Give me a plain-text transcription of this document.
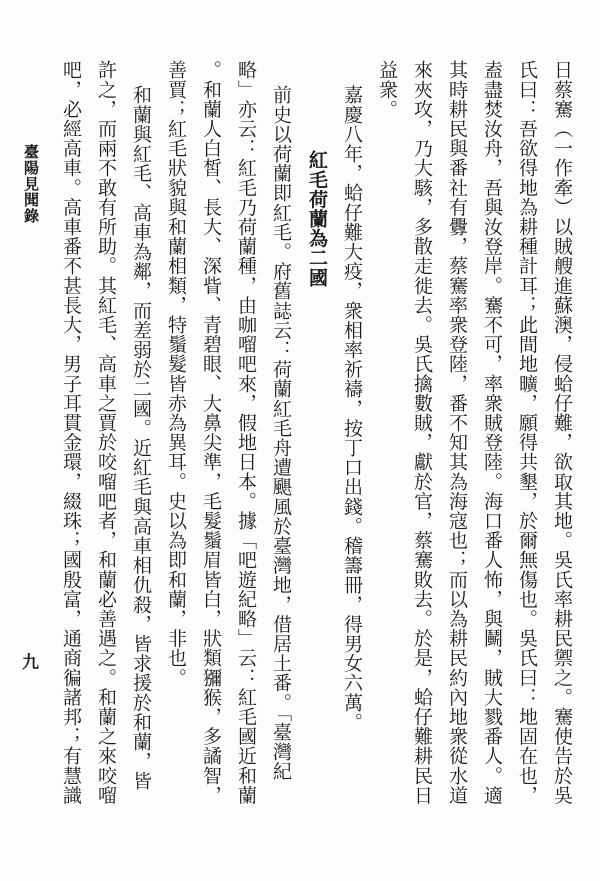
臺陽見聞錄
九	日蔡騫（一作牽）以賊艘進蘇澳，侵蛤仔難，欲取其地。吳氏率耕民禦之。騫使告於吳
氏曰：吾欲得地為耕種計耳；此間地曠，願得共墾，於爾無傷也。吳氏曰：地固在也，
盍盡焚汝舟，吾與汝登岸。騫不可，率衆賊登陸。海口番人怖，與鬭，賊大戮番人。適
其時耕民與番社有釁，蔡騫率衆登陸，番不知其為海寇也；而以為耕民約內地衆從水道
來夾攻，乃大駭，多散走徙去。吳氏擒數賊，獻於官，蔡騫敗去。於是，蛤仔難耕民日
益衆。
嘉慶八年，蛤仔難大疫，衆相率祈禱，按丁口出錢。稽籌冊，得男女六萬。
紅毛荷蘭為二國
前史以荷蘭即紅毛。府舊誌云：荷蘭紅毛舟遭颶風於臺灣地，借居土番。「臺灣紀
略」亦云：紅毛乃荷蘭種，由咖𠺕吧來，假地日本。據「吧遊紀略」云：紅毛國近和蘭
。和蘭人白皙、長大、深眥、青碧眼、大鼻尖準，毛髮鬚眉皆白，狀類獼猴，多譎智，
善賈；紅毛狀貌與和蘭相類，特鬚髮皆赤為異耳。史以為即和蘭，非也。
和蘭與紅毛、高車為鄰，而差弱於二國。近紅毛與高車相仇殺，皆求援於和蘭，皆
許之，而兩不敢有所助。其紅毛、高車之賈於咬𠺕吧者，和蘭必善遇之。和蘭之來咬𠺕
吧，必經高車。高車番不甚長大，男子耳貫金環，綴珠；國殷富，通商徧諸邦；有慧識
